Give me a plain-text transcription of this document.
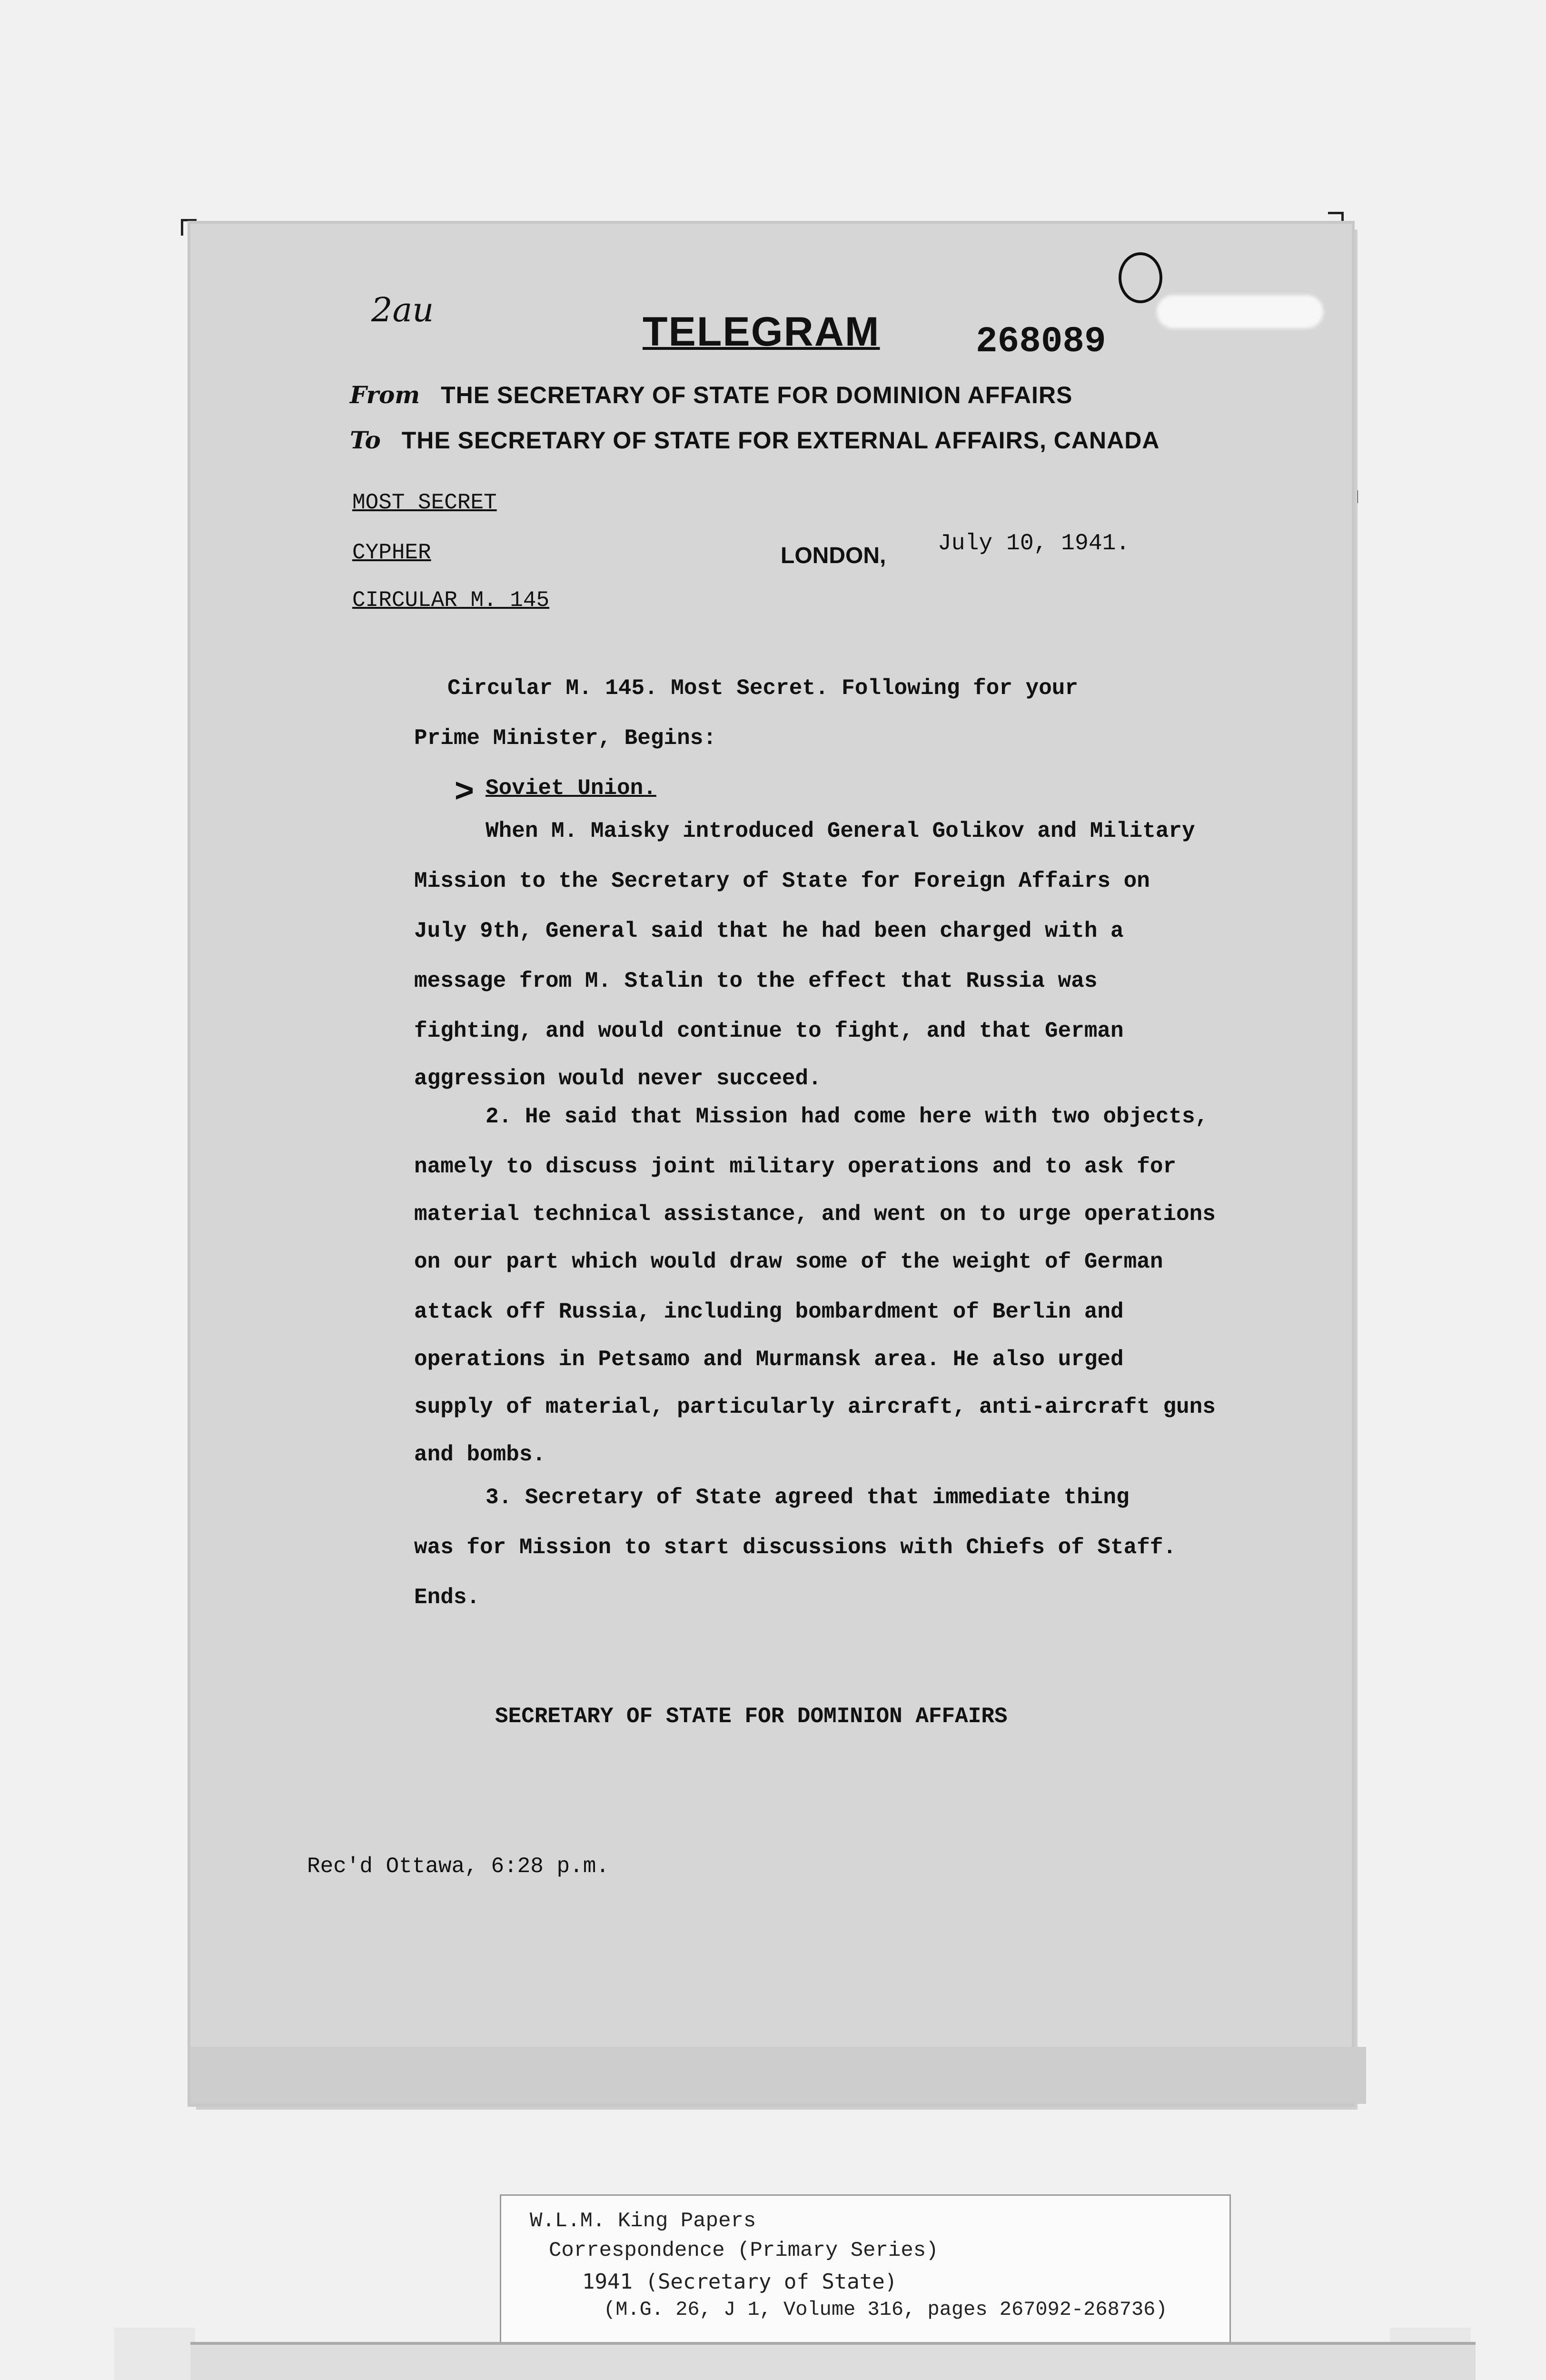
2au	TELEGRAM	268089
From THE SECRETARY OF STATE FOR DOMINION AFFAIRS
To THE SECRETARY OF STATE FOR EXTERNAL AFFAIRS, CANADA
MOST SECRET
CYPHER
CIRCULAR M. 145
LONDON, July 10, 1941.
Circular M. 145. Most Secret. Following for your
Prime Minister, Begins:
> Soviet Union.
When M. Maisky introduced General Golikov and Military
Mission to the Secretary of State for Foreign Affairs on
July 9th, General said that he had been charged with a
message from M. Stalin to the effect that Russia was
fighting, and would continue to fight, and that German
aggression would never succeed.
2. He said that Mission had come here with two objects,
namely to discuss joint military operations and to ask for
material technical assistance, and went on to urge operations
on our part which would draw some of the weight of German
attack off Russia, including bombardment of Berlin and
operations in Petsamo and Murmansk area. He also urged
supply of material, particularly aircraft, anti-aircraft guns
and bombs.
3. Secretary of State agreed that immediate thing
was for Mission to start discussions with Chiefs of Staff.
Ends.
SECRETARY OF STATE FOR DOMINION AFFAIRS
Rec'd Ottawa, 6:28 p.m.
W.L.M. King Papers
Correspondence (Primary Series)
1941 (Secretary of State)
(M.G. 26, J 1, Volume 316, pages 267092-268736)
